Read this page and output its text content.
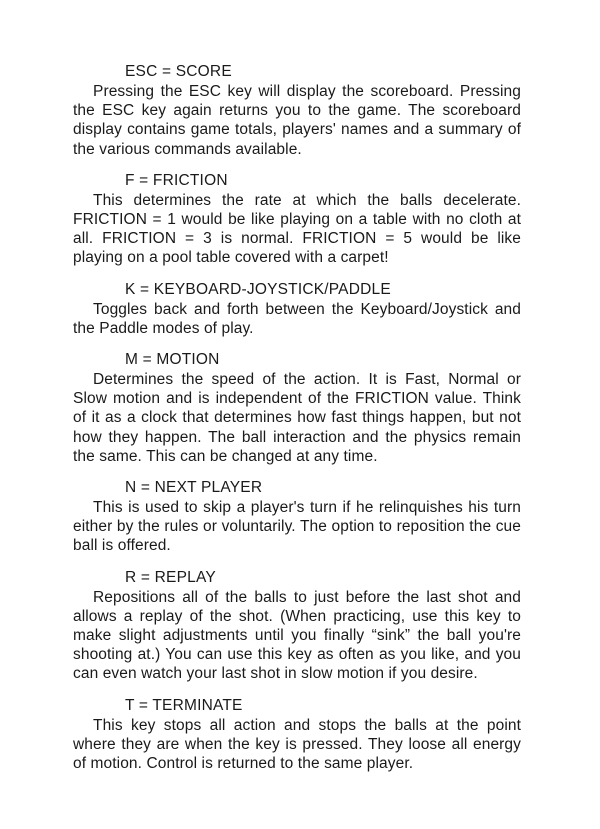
ESC = SCORE

Pressing the ESC key will display the scoreboard. Pressing the ESC key again returns you to the game. The scoreboard display contains game totals, players' names and a summary of the various commands available.

F = FRICTION

This determines the rate at which the balls decelerate. FRICTION = 1 would be like playing on a table with no cloth at all. FRICTION = 3 is normal. FRICTION = 5 would be like playing on a pool table covered with a carpet!

K = KEYBOARD-JOYSTICK/PADDLE

Toggles back and forth between the Keyboard/Joystick and the Paddle modes of play.

M = MOTION

Determines the speed of the action. It is Fast, Normal or Slow motion and is independent of the FRICTION value. Think of it as a clock that determines how fast things happen, but not how they happen. The ball interaction and the physics remain the same. This can be changed at any time.

N = NEXT PLAYER

This is used to skip a player's turn if he relinquishes his turn either by the rules or voluntarily. The option to reposition the cue ball is offered.

R = REPLAY

Repositions all of the balls to just before the last shot and allows a replay of the shot. (When practicing, use this key to make slight adjustments until you finally “sink” the ball you're shooting at.) You can use this key as often as you like, and you can even watch your last shot in slow motion if you desire.

T = TERMINATE

This key stops all action and stops the balls at the point where they are when the key is pressed. They loose all energy of motion. Control is returned to the same player.
